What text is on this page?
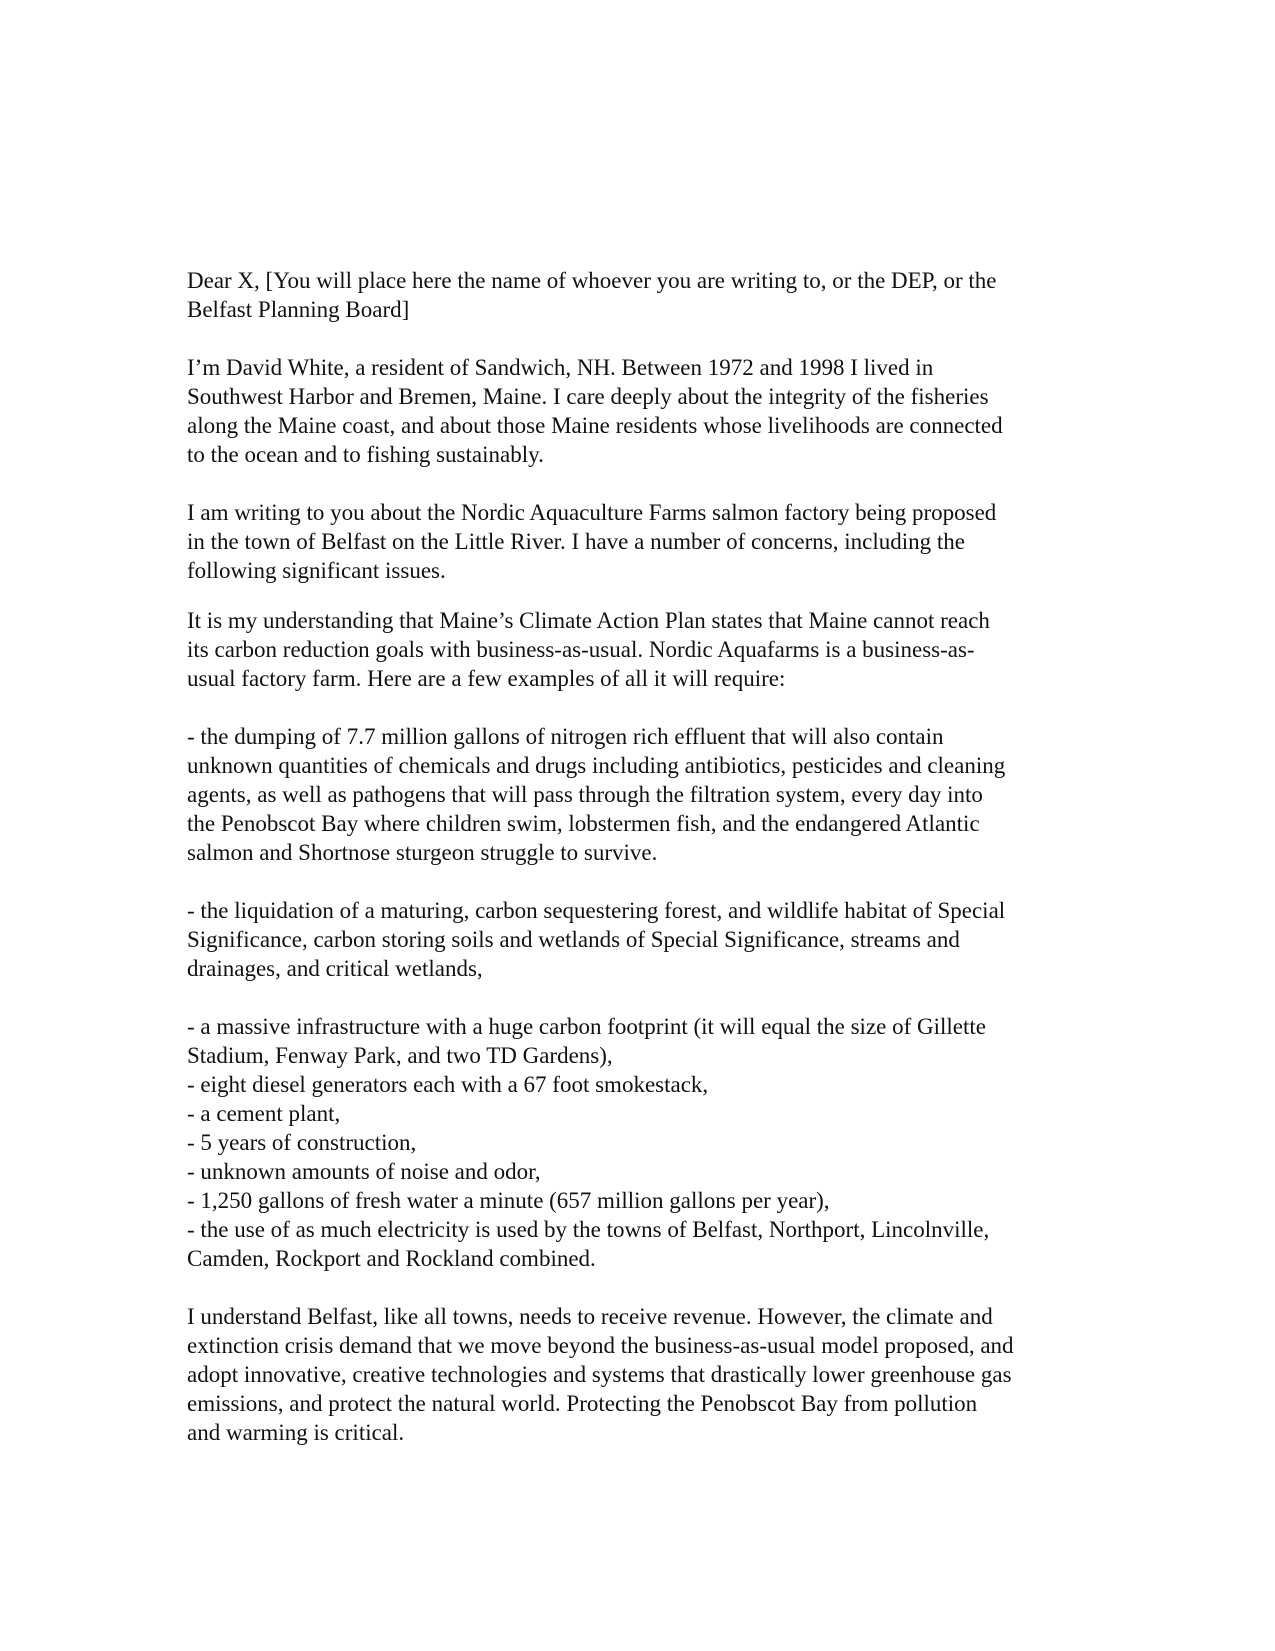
Dear X, [You will place here the name of whoever you are writing to, or the DEP, or the
Belfast Planning Board]

I’m David White, a resident of Sandwich, NH. Between 1972 and 1998 I lived in
Southwest Harbor and Bremen, Maine. I care deeply about the integrity of the fisheries
along the Maine coast, and about those Maine residents whose livelihoods are connected
to the ocean and to fishing sustainably.

I am writing to you about the Nordic Aquaculture Farms salmon factory being proposed
in the town of Belfast on the Little River. I have a number of concerns, including the
following significant issues.

It is my understanding that Maine’s Climate Action Plan states that Maine cannot reach
its carbon reduction goals with business-as-usual. Nordic Aquafarms is a business-as-
usual factory farm. Here are a few examples of all it will require:

- the dumping of 7.7 million gallons of nitrogen rich effluent that will also contain
unknown quantities of chemicals and drugs including antibiotics, pesticides and cleaning
agents, as well as pathogens that will pass through the filtration system, every day into
the Penobscot Bay where children swim, lobstermen fish, and the endangered Atlantic
salmon and Shortnose sturgeon struggle to survive.

- the liquidation of a maturing, carbon sequestering forest, and wildlife habitat of Special
Significance, carbon storing soils and wetlands of Special Significance, streams and
drainages, and critical wetlands,

- a massive infrastructure with a huge carbon footprint (it will equal the size of Gillette
Stadium, Fenway Park, and two TD Gardens),
- eight diesel generators each with a 67 foot smokestack,
- a cement plant,
- 5 years of construction,
- unknown amounts of noise and odor,
- 1,250 gallons of fresh water a minute (657 million gallons per year),
- the use of as much electricity is used by the towns of Belfast, Northport, Lincolnville,
Camden, Rockport and Rockland combined.

I understand Belfast, like all towns, needs to receive revenue. However, the climate and
extinction crisis demand that we move beyond the business-as-usual model proposed, and
adopt innovative, creative technologies and systems that drastically lower greenhouse gas
emissions, and protect the natural world. Protecting the Penobscot Bay from pollution
and warming is critical.
